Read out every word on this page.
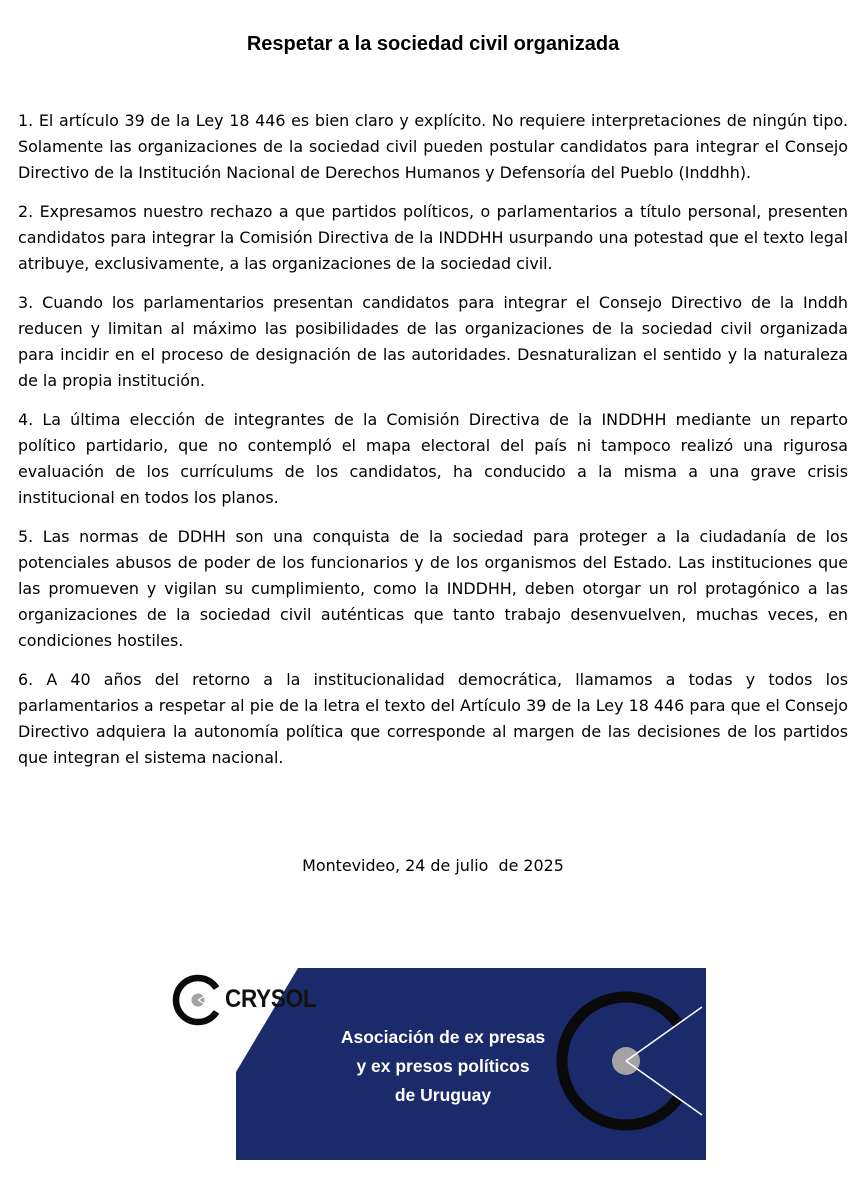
Respetar a la sociedad civil organizada

1. El artículo 39 de la Ley 18 446 es bien claro y explícito. No requiere interpretaciones de ningún tipo. Solamente las organizaciones de la sociedad civil pueden postular candidatos para integrar el Consejo Directivo de la Institución Nacional de Derechos Humanos y Defensoría del Pueblo (Inddhh).

2. Expresamos nuestro rechazo a que partidos políticos, o parlamentarios a título personal, presenten candidatos para integrar la Comisión Directiva de la INDDHH usurpando una potestad que el texto legal atribuye, exclusivamente, a las organizaciones de la sociedad civil.

3. Cuando los parlamentarios presentan candidatos para integrar el Consejo Directivo de la Inddh reducen y limitan al máximo las posibilidades de las organizaciones de la sociedad civil organizada para incidir en el proceso de designación de las autoridades. Desnaturalizan el sentido y la naturaleza de la propia institución.

4. La última elección de integrantes de la Comisión Directiva de la INDDHH mediante un reparto político partidario, que no contempló el mapa electoral del país ni tampoco realizó una rigurosa evaluación de los currículums de los candidatos, ha conducido a la misma a una grave crisis institucional en todos los planos.

5. Las normas de DDHH son una conquista de la sociedad para proteger a la ciudadanía de los potenciales abusos de poder de los funcionarios y de los organismos del Estado. Las instituciones que las promueven y vigilan su cumplimiento, como la INDDHH, deben otorgar un rol protagónico a las organizaciones de la sociedad civil auténticas que tanto trabajo desenvuelven, muchas veces, en condiciones hostiles.

6. A 40 años del retorno a la institucionalidad democrática, llamamos a todas y todos los parlamentarios a respetar al pie de la letra el texto del Artículo 39 de la Ley 18 446 para que el Consejo Directivo adquiera la autonomía política que corresponde al margen de las decisiones de los partidos que integran el sistema nacional.

Montevideo, 24 de julio  de 2025
CRYSOL
Asociación de ex presas
y ex presos políticos
de Uruguay
